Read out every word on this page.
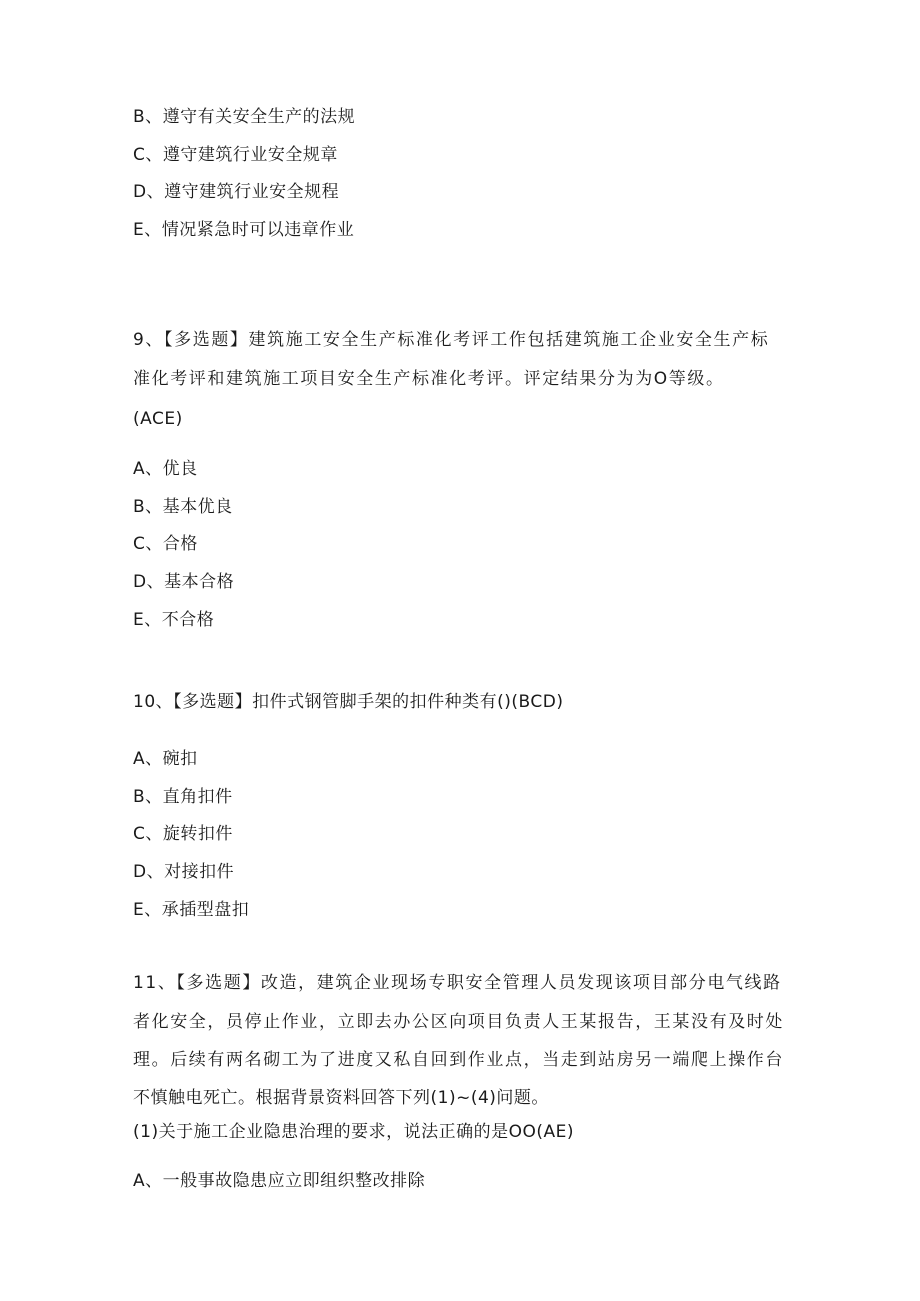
B、遵守有关安全生产的法规
C、遵守建筑行业安全规章
D、遵守建筑行业安全规程
E、情况紧急时可以违章作业
9、【多选题】建筑施工安全生产标准化考评工作包括建筑施工企业安全生产标
准化考评和建筑施工项目安全生产标准化考评。评定结果分为为O等级。
(ACE)
A、优良
B、基本优良
C、合格
D、基本合格
E、不合格
10、【多选题】扣件式钢管脚手架的扣件种类有()(BCD)
A、碗扣
B、直角扣件
C、旋转扣件
D、对接扣件
E、承插型盘扣
11、【多选题】改造，建筑企业现场专职安全管理人员发现该项目部分电气线路
者化安全，员停止作业，立即去办公区向项目负责人王某报告，王某没有及时处
理。后续有两名砌工为了进度又私自回到作业点，当走到站房另一端爬上操作台
不慎触电死亡。根据背景资料回答下列(1)~(4)问题。
(1)关于施工企业隐患治理的要求，说法正确的是OO(AE)
A、一般事故隐患应立即组织整改排除
